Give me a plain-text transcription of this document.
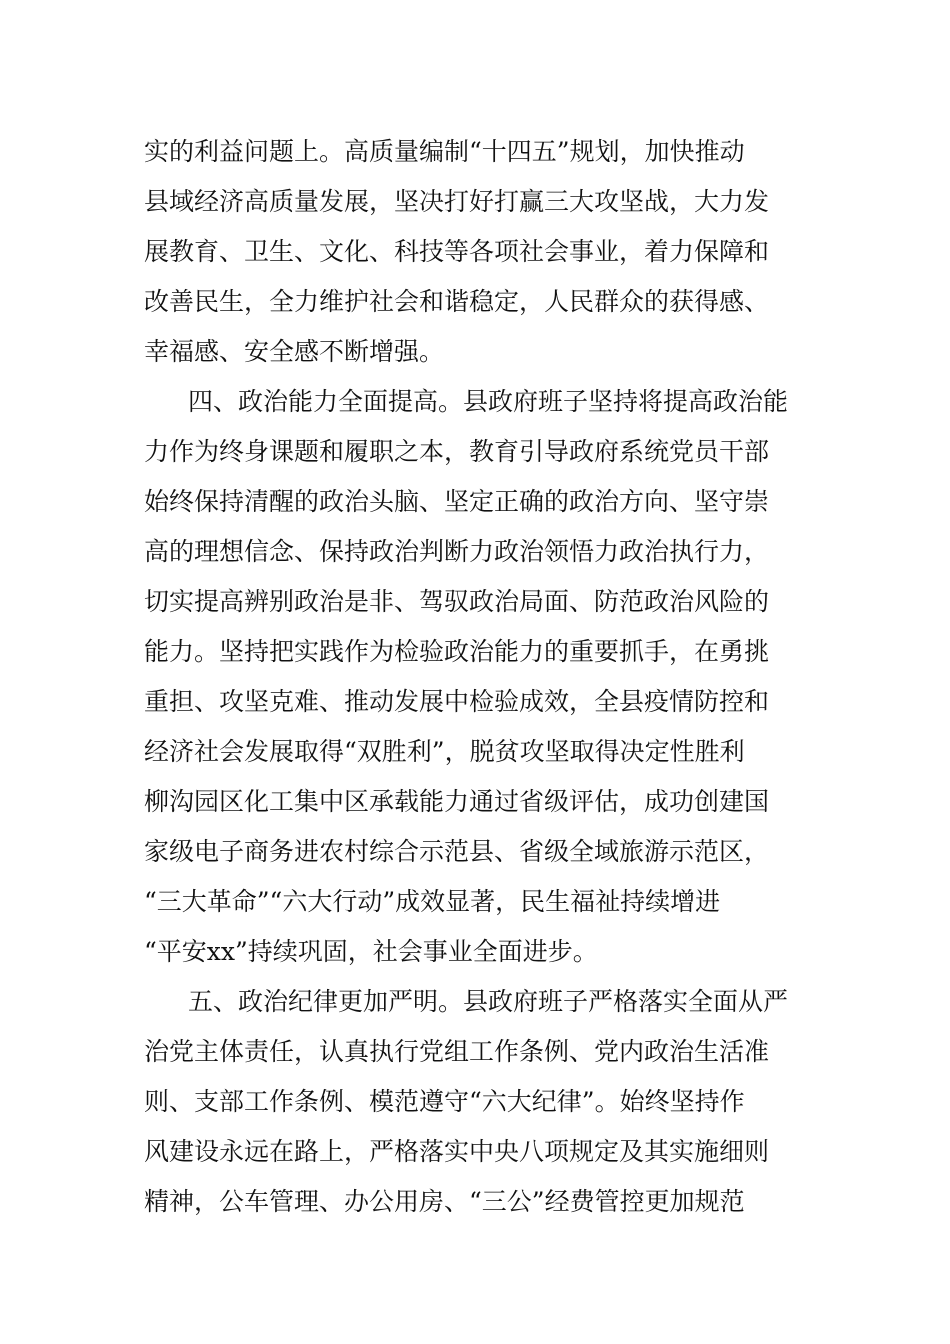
实的利益问题上。高质量编制“十四五”规划，加快推动
县域经济高质量发展，坚决打好打赢三大攻坚战，大力发
展教育、卫生、文化、科技等各项社会事业，着力保障和
改善民生，全力维护社会和谐稳定，人民群众的获得感、
幸福感、安全感不断增强。
四、政治能力全面提高。县政府班子坚持将提高政治能
力作为终身课题和履职之本，教育引导政府系统党员干部
始终保持清醒的政治头脑、坚定正确的政治方向、坚守崇
高的理想信念、保持政治判断力政治领悟力政治执行力，
切实提高辨别政治是非、驾驭政治局面、防范政治风险的
能力。坚持把实践作为检验政治能力的重要抓手，在勇挑
重担、攻坚克难、推动发展中检验成效，全县疫情防控和
经济社会发展取得“双胜利”，脱贫攻坚取得决定性胜利
柳沟园区化工集中区承载能力通过省级评估，成功创建国
家级电子商务进农村综合示范县、省级全域旅游示范区，
“三大革命”“六大行动”成效显著，民生福祉持续增进
“平安xx”持续巩固，社会事业全面进步。
五、政治纪律更加严明。县政府班子严格落实全面从严
治党主体责任，认真执行党组工作条例、党内政治生活准
则、支部工作条例、模范遵守“六大纪律”。始终坚持作
风建设永远在路上，严格落实中央八项规定及其实施细则
精神，公车管理、办公用房、“三公”经费管控更加规范
